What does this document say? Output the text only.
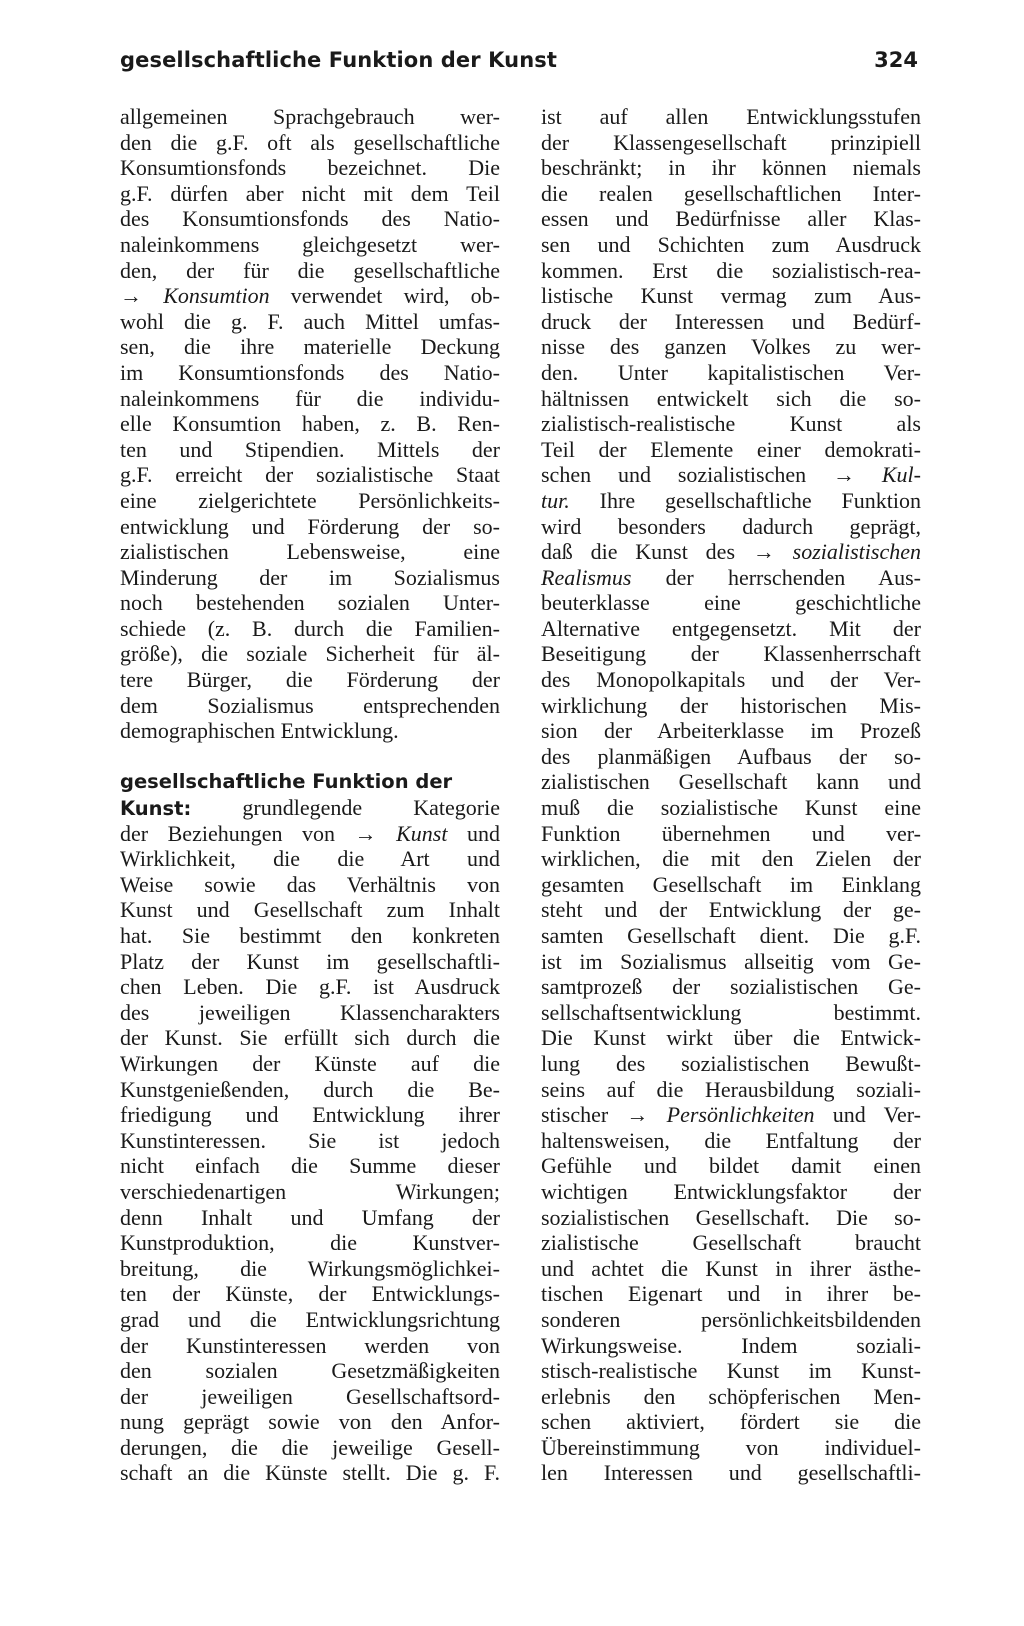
gesellschaftliche Funktion der Kunst	324
allgemeinen Sprachgebrauch wer-
den die g.F. oft als gesellschaftliche
Konsumtionsfonds bezeichnet. Die
g.F. dürfen aber nicht mit dem Teil
des Konsumtionsfonds des Natio-
naleinkommens gleichgesetzt wer-
den, der für die gesellschaftliche
→ Konsumtion verwendet wird, ob-
wohl die g. F. auch Mittel umfas-
sen, die ihre materielle Deckung
im Konsumtionsfonds des Natio-
naleinkommens für die individu-
elle Konsumtion haben, z. B. Ren-
ten und Stipendien. Mittels der
g.F. erreicht der sozialistische Staat
eine zielgerichtete Persönlichkeits-
entwicklung und Förderung der so-
zialistischen Lebensweise, eine
Minderung der im Sozialismus
noch bestehenden sozialen Unter-
schiede (z. B. durch die Familien-
größe), die soziale Sicherheit für äl-
tere Bürger, die Förderung der
dem Sozialismus entsprechenden
demographischen Entwicklung.
gesellschaftliche Funktion der
Kunst: grundlegende Kategorie
der Beziehungen von → Kunst und
Wirklichkeit, die die Art und
Weise sowie das Verhältnis von
Kunst und Gesellschaft zum Inhalt
hat. Sie bestimmt den konkreten
Platz der Kunst im gesellschaftli-
chen Leben. Die g.F. ist Ausdruck
des jeweiligen Klassencharakters
der Kunst. Sie erfüllt sich durch die
Wirkungen der Künste auf die
Kunstgenießenden, durch die Be-
friedigung und Entwicklung ihrer
Kunstinteressen. Sie ist jedoch
nicht einfach die Summe dieser
verschiedenartigen Wirkungen;
denn Inhalt und Umfang der
Kunstproduktion, die Kunstver-
breitung, die Wirkungsmöglichkei-
ten der Künste, der Entwicklungs-
grad und die Entwicklungsrichtung
der Kunstinteressen werden von
den sozialen Gesetzmäßigkeiten
der jeweiligen Gesellschaftsord-
nung geprägt sowie von den Anfor-
derungen, die die jeweilige Gesell-
schaft an die Künste stellt. Die g. F.
ist auf allen Entwicklungsstufen
der Klassengesellschaft prinzipiell
beschränkt; in ihr können niemals
die realen gesellschaftlichen Inter-
essen und Bedürfnisse aller Klas-
sen und Schichten zum Ausdruck
kommen. Erst die sozialistisch-rea-
listische Kunst vermag zum Aus-
druck der Interessen und Bedürf-
nisse des ganzen Volkes zu wer-
den. Unter kapitalistischen Ver-
hältnissen entwickelt sich die so-
zialistisch-realistische Kunst als
Teil der Elemente einer demokrati-
schen und sozialistischen → Kul-
tur. Ihre gesellschaftliche Funktion
wird besonders dadurch geprägt,
daß die Kunst des → sozialistischen
Realismus der herrschenden Aus-
beuterklasse eine geschichtliche
Alternative entgegensetzt. Mit der
Beseitigung der Klassenherrschaft
des Monopolkapitals und der Ver-
wirklichung der historischen Mis-
sion der Arbeiterklasse im Prozeß
des planmäßigen Aufbaus der so-
zialistischen Gesellschaft kann und
muß die sozialistische Kunst eine
Funktion übernehmen und ver-
wirklichen, die mit den Zielen der
gesamten Gesellschaft im Einklang
steht und der Entwicklung der ge-
samten Gesellschaft dient. Die g.F.
ist im Sozialismus allseitig vom Ge-
samtprozeß der sozialistischen Ge-
sellschaftsentwicklung bestimmt.
Die Kunst wirkt über die Entwick-
lung des sozialistischen Bewußt-
seins auf die Herausbildung soziali-
stischer → Persönlichkeiten und Ver-
haltensweisen, die Entfaltung der
Gefühle und bildet damit einen
wichtigen Entwicklungsfaktor der
sozialistischen Gesellschaft. Die so-
zialistische Gesellschaft braucht
und achtet die Kunst in ihrer ästhe-
tischen Eigenart und in ihrer be-
sonderen persönlichkeitsbildenden
Wirkungsweise. Indem soziali-
stisch-realistische Kunst im Kunst-
erlebnis den schöpferischen Men-
schen aktiviert, fördert sie die
Übereinstimmung von individuel-
len Interessen und gesellschaftli-
